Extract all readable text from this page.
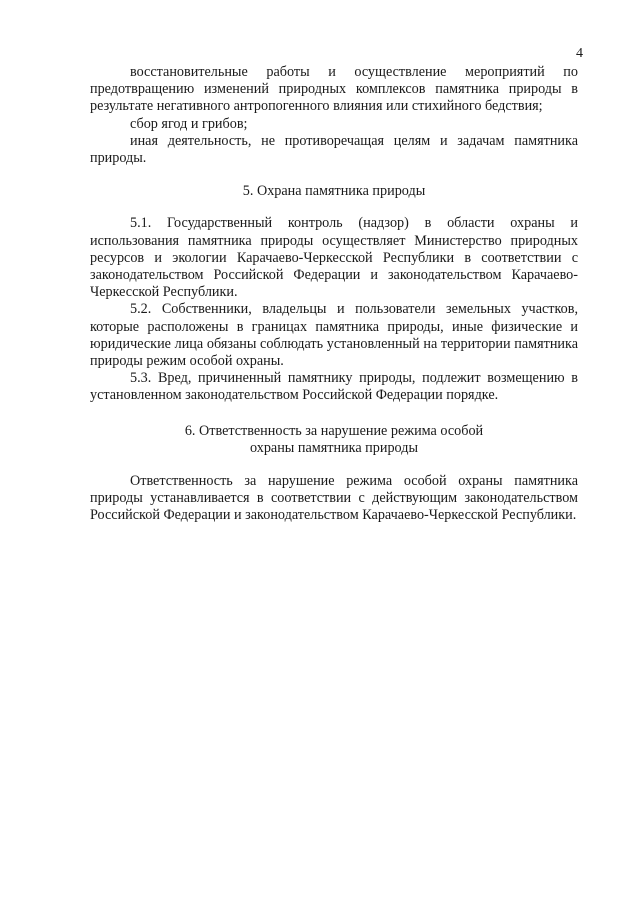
4

восстановительные работы и осуществление мероприятий по предотвращению изменений природных комплексов памятника природы в результате негативного антропогенного влияния или стихийного бедствия;

сбор ягод и грибов;

иная деятельность, не противоречащая целям и задачам памятника природы.

5. Охрана памятника природы

5.1. Государственный контроль (надзор) в области охраны и использования памятника природы осуществляет Министерство природных ресурсов и экологии Карачаево-Черкесской Республики в соответствии с законодательством Российской Федерации и законодательством Карачаево-Черкесской Республики.

5.2. Собственники, владельцы и пользователи земельных участков, которые расположены в границах памятника природы, иные физические и юридические лица обязаны соблюдать установленный на территории памятника природы режим особой охраны.

5.3. Вред, причиненный памятнику природы, подлежит возмещению в установленном законодательством Российской Федерации порядке.

6. Ответственность за нарушение режима особой
охраны памятника природы

Ответственность за нарушение режима особой охраны памятника природы устанавливается в соответствии с действующим законодательством Российской Федерации и законодательством Карачаево-Черкесской Республики.
